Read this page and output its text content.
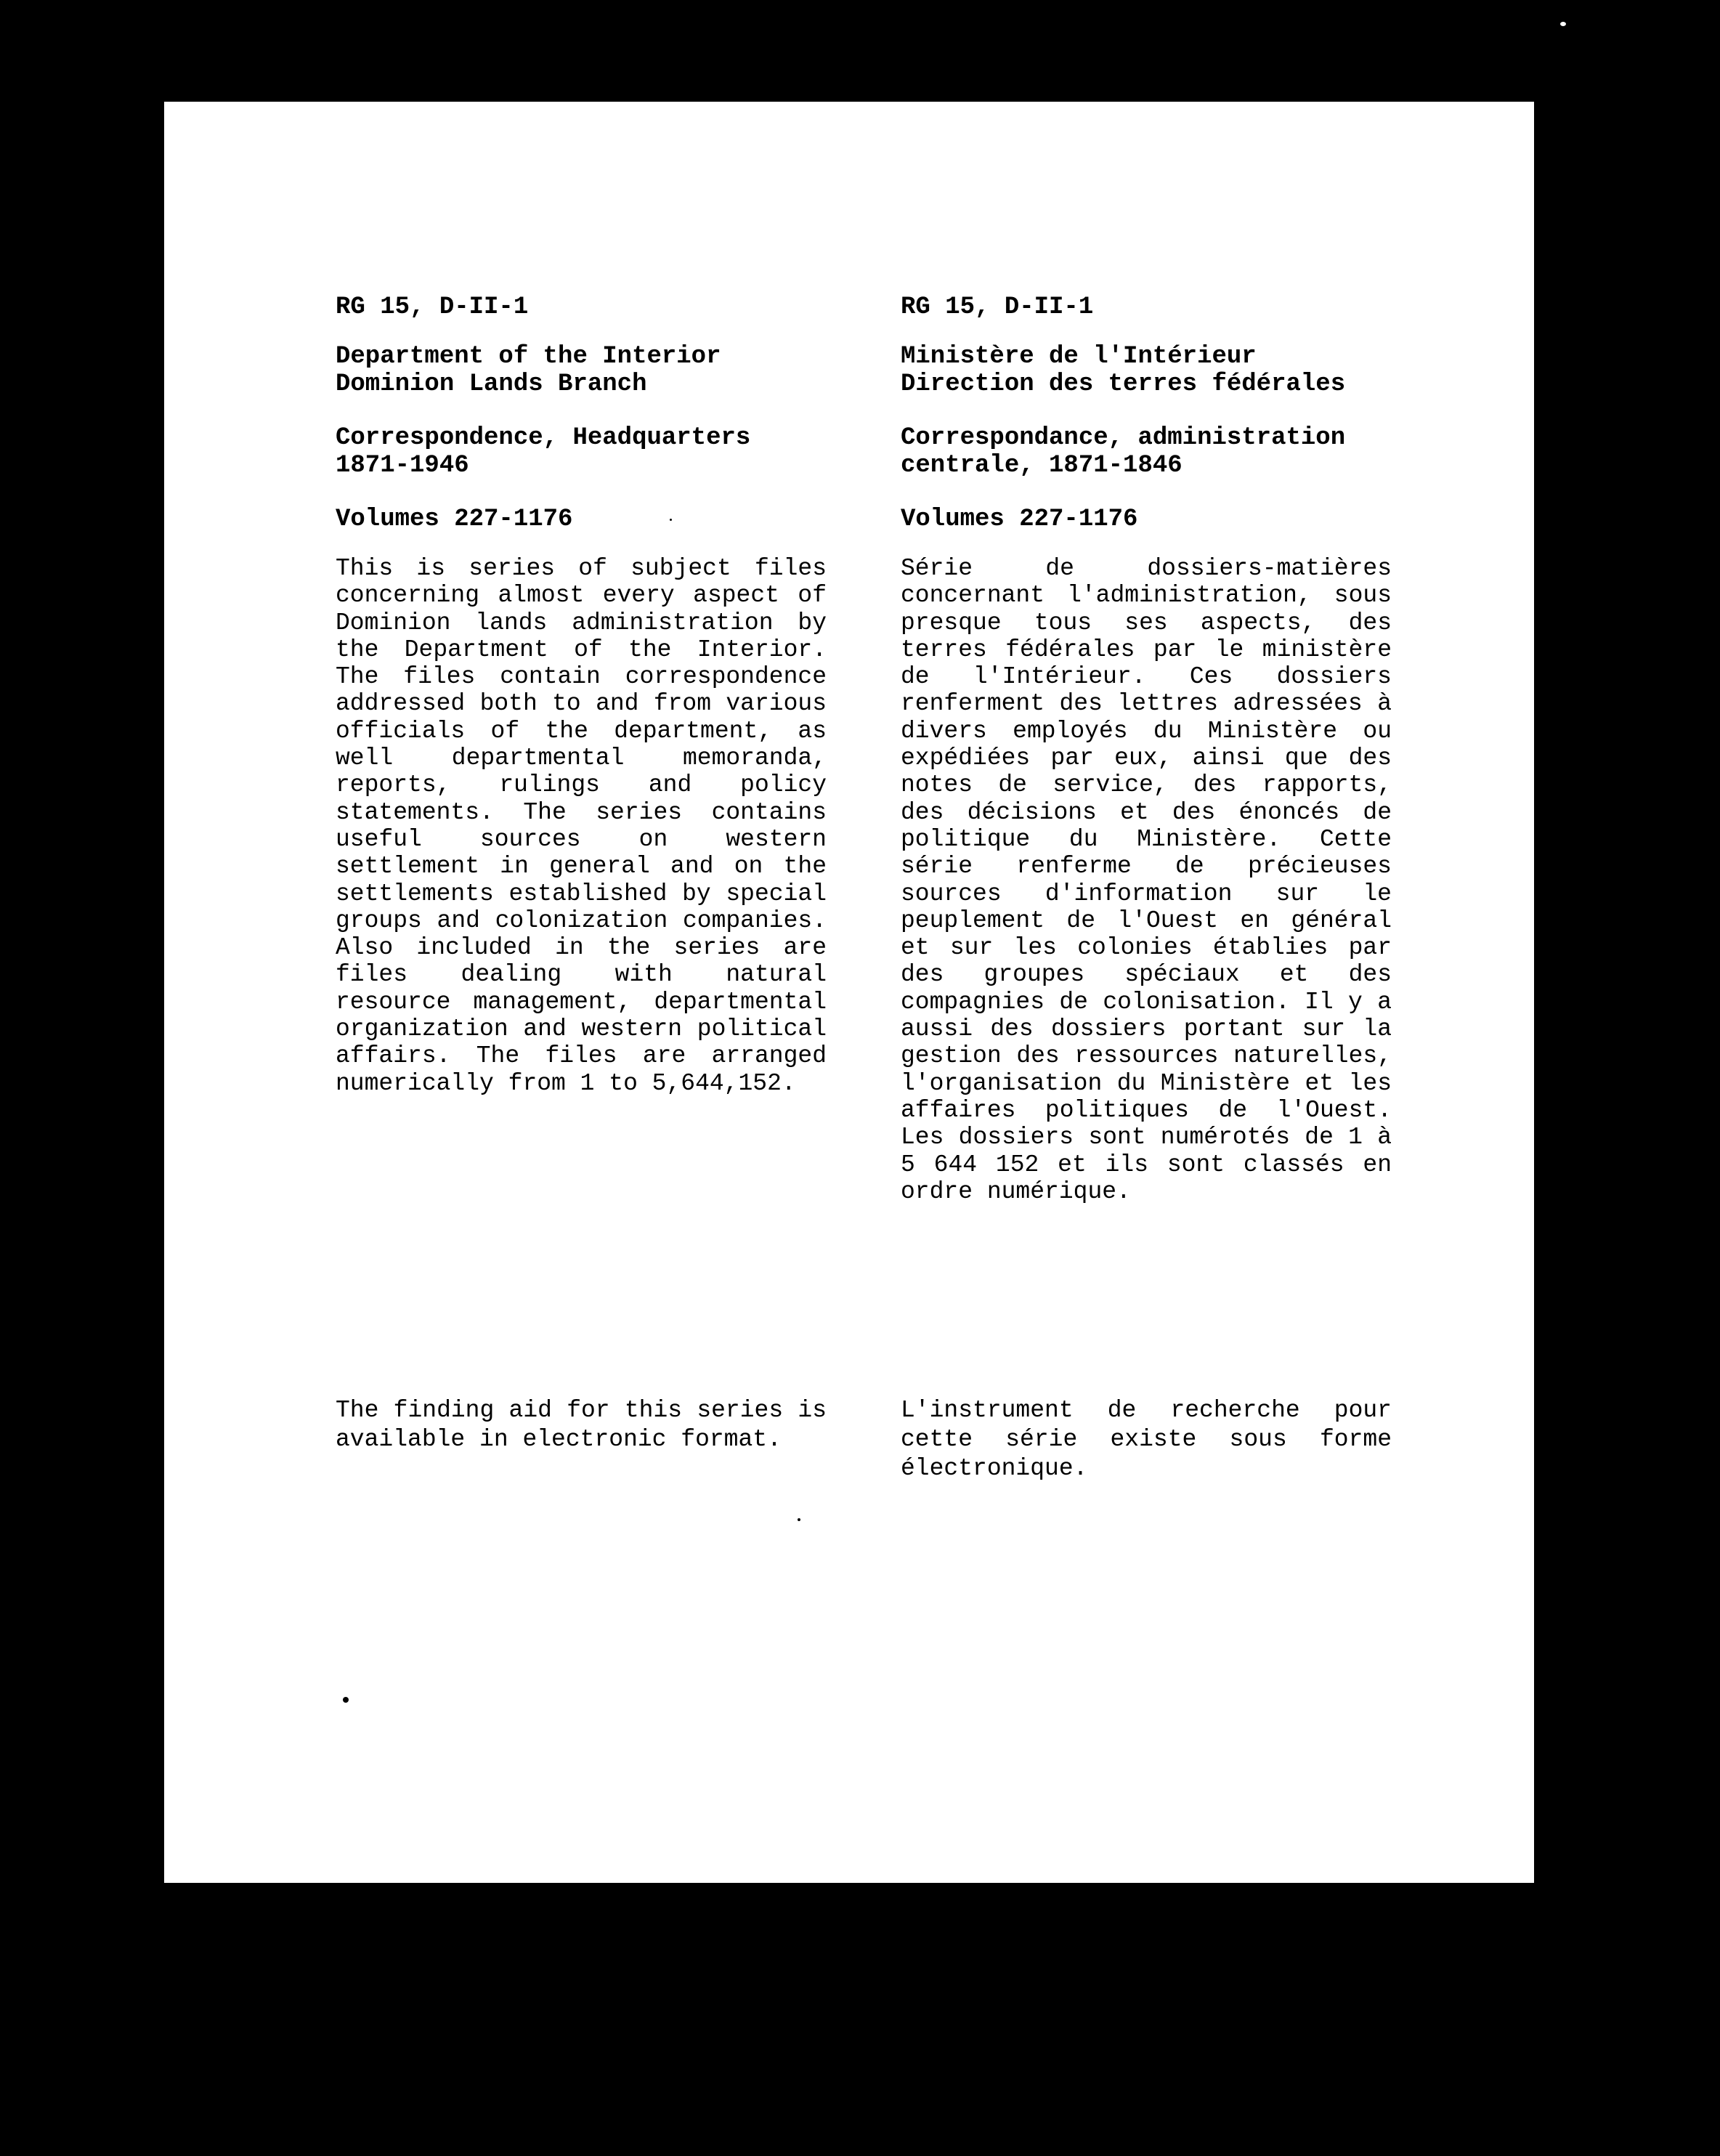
RG 15, D-II-1

Department of the Interior
Dominion Lands Branch

Correspondence, Headquarters
1871-1946

Volumes 227-1176

This is series of subject files concerning almost every aspect of Dominion lands administration by the Department of the Interior. The files contain correspondence addressed both to and from various officials of the department, as well departmental memoranda, reports, rulings and policy statements. The series contains useful sources on western settlement in general and on the settlements established by special groups and colonization companies. Also included in the series are files dealing with natural resource management, departmental organization and western political affairs. The files are arranged numerically from 1 to 5,644,152.

The finding aid for this series is available in electronic format.

RG 15, D-II-1

Ministère de l'Intérieur
Direction des terres fédérales

Correspondance, administration
centrale, 1871-1846

Volumes 227-1176

Série de dossiers-matières concernant l'administration, sous presque tous ses aspects, des terres fédérales par le ministère de l'Intérieur. Ces dossiers renferment des lettres adressées à divers employés du Ministère ou expédiées par eux, ainsi que des notes de service, des rapports, des décisions et des énoncés de politique du Ministère. Cette série renferme de précieuses sources d'information sur le peuplement de l'Ouest en général et sur les colonies établies par des groupes spéciaux et des compagnies de colonisation. Il y a aussi des dossiers portant sur la gestion des ressources naturelles, l'organisation du Ministère et les affaires politiques de l'Ouest. Les dossiers sont numérotés de 1 à 5 644 152 et ils sont classés en ordre numérique.

L'instrument de recherche pour cette série existe sous forme électronique.
